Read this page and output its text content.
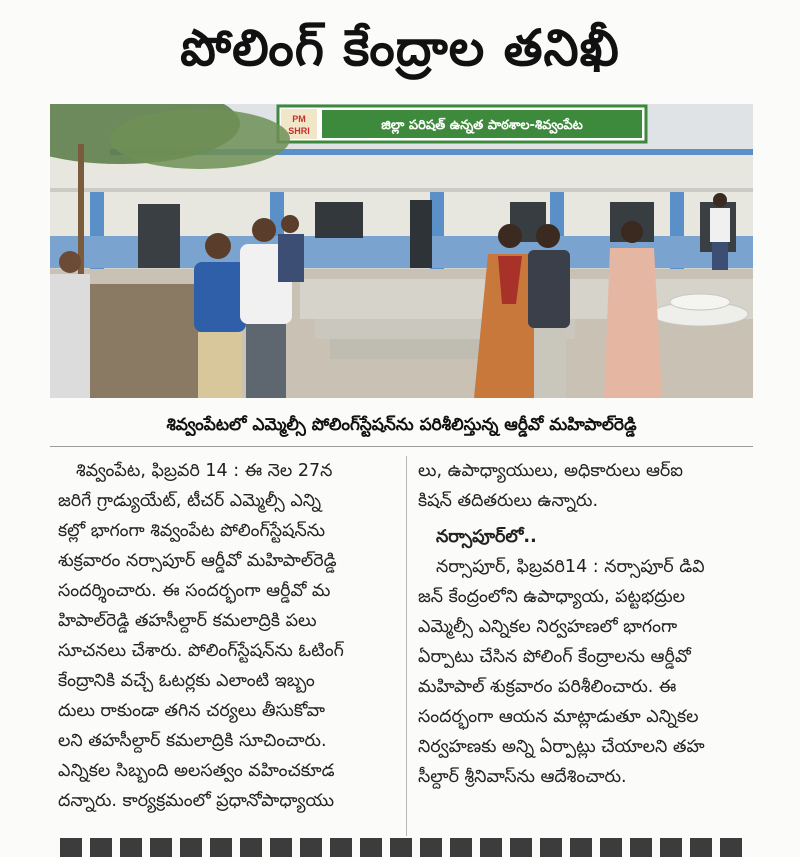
పోలింగ్ కేంద్రాల తనిఖీ
PM
SHRI	జిల్లా పరిషత్ ఉన్నత పాఠశాల-శివ్వంపేట
శివ్వంపేటలో ఎమ్మెల్సీ పోలింగ్‌స్టేషన్‌ను పరిశీలిస్తున్న ఆర్డీవో మహిపాల్‌రెడ్డి
శివ్వంపేట, ఫిబ్రవరి 14 : ఈ నెల 27న
జరిగే గ్రాడ్యుయేట్, టీచర్ ఎమ్మెల్సీ ఎన్ని
కల్లో భాగంగా శివ్వంపేట పోలింగ్‌స్టేషన్‌ను
శుక్రవారం నర్సాపూర్ ఆర్డీవో మహిపాల్‌రెడ్డి
సందర్శించారు. ఈ సందర్భంగా ఆర్డీవో మ
హిపాల్‌రెడ్డి తహసీల్దార్ కమలాద్రికి పలు
సూచనలు చేశారు. పోలింగ్‌స్టేషన్‌ను ఓటింగ్
కేంద్రానికి వచ్చే ఓటర్లకు ఎలాంటి ఇబ్బం
దులు రాకుండా తగిన చర్యలు తీసుకోవా
లని తహసీల్దార్ కమలాద్రికి సూచించారు.
ఎన్నికల సిబ్బంది అలసత్వం వహించకూడ
దన్నారు. కార్యక్రమంలో ప్రధానోపాధ్యాయు
లు, ఉపాధ్యాయులు, అధికారులు ఆర్ఐ
కిషన్ తదితరులు ఉన్నారు.
నర్సాపూర్‌లో..
నర్సాపూర్, ఫిబ్రవరి14 : నర్సాపూర్ డివి
జన్ కేంద్రంలోని ఉపాధ్యాయ, పట్టభద్రుల
ఎమ్మెల్సీ ఎన్నికల నిర్వహణలో భాగంగా
ఏర్పాటు చేసిన పోలింగ్ కేంద్రాలను ఆర్డీవో
మహిపాల్ శుక్రవారం పరిశీలించారు. ఈ
సందర్భంగా ఆయన మాట్లాడుతూ ఎన్నికల
నిర్వహణకు అన్ని ఏర్పాట్లు చేయాలని తహ
సీల్దార్ శ్రీనివాస్‌ను ఆదేశించారు.
